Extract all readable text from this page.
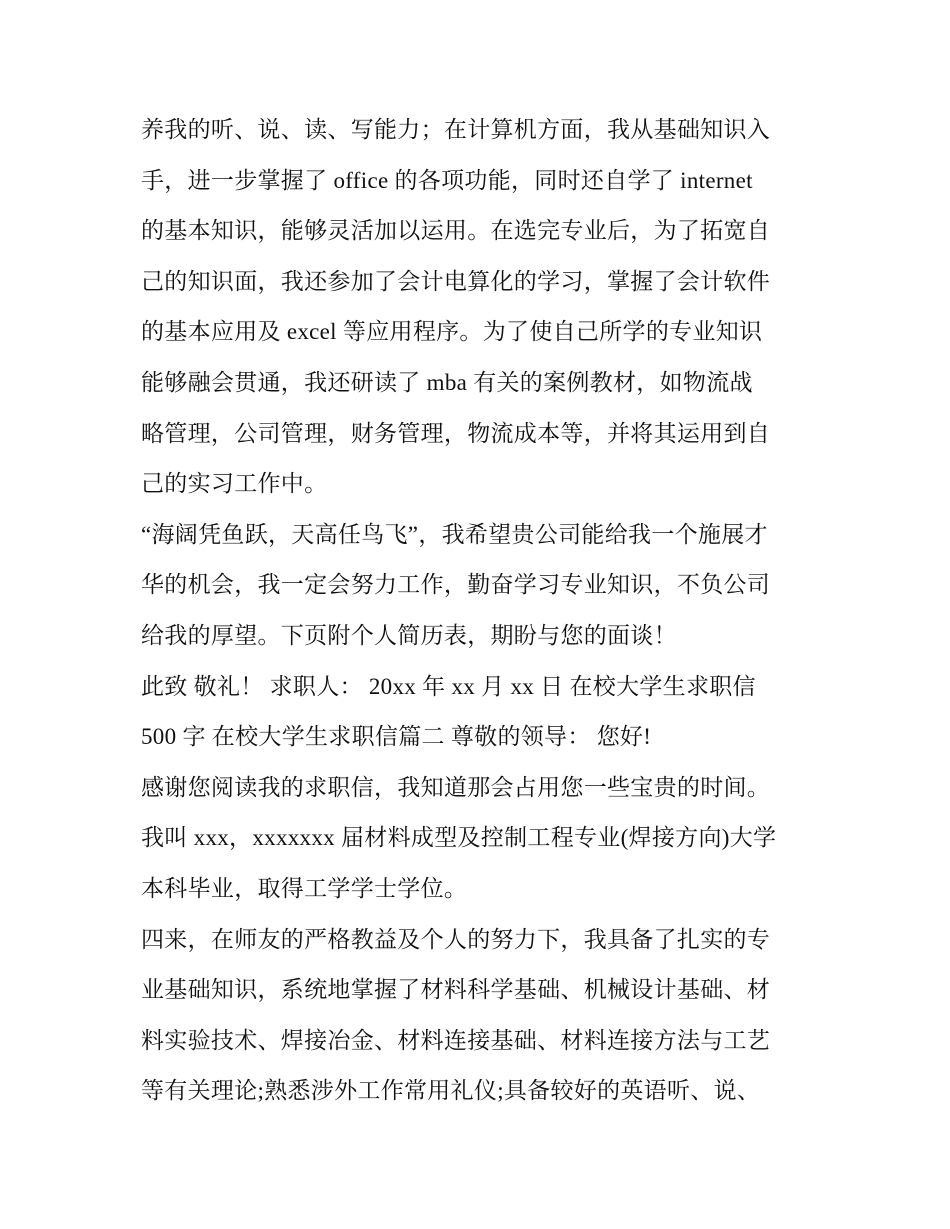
养我的听、说、读、写能力；在计算机方面，我从基础知识入
手，进一步掌握了 office 的各项功能，同时还自学了 internet
的基本知识，能够灵活加以运用。在选完专业后，为了拓宽自
己的知识面，我还参加了会计电算化的学习，掌握了会计软件
的基本应用及 excel 等应用程序。为了使自己所学的专业知识
能够融会贯通，我还研读了 mba 有关的案例教材，如物流战
略管理，公司管理，财务管理，物流成本等，并将其运用到自
己的实习工作中。
“海阔凭鱼跃，天高任鸟飞”，我希望贵公司能给我一个施展才
华的机会，我一定会努力工作，勤奋学习专业知识，不负公司
给我的厚望。下页附个人简历表，期盼与您的面谈！
此致 敬礼！ 求职人： 20xx 年 xx 月 xx 日 在校大学生求职信
500 字 在校大学生求职信篇二 尊敬的领导： 您好!
感谢您阅读我的求职信，我知道那会占用您一些宝贵的时间。
我叫 xxx，xxxxxxx 届材料成型及控制工程专业(焊接方向)大学
本科毕业，取得工学学士学位。
四来，在师友的严格教益及个人的努力下，我具备了扎实的专
业基础知识，系统地掌握了材料科学基础、机械设计基础、材
料实验技术、焊接冶金、材料连接基础、材料连接方法与工艺
等有关理论;熟悉涉外工作常用礼仪;具备较好的英语听、说、
